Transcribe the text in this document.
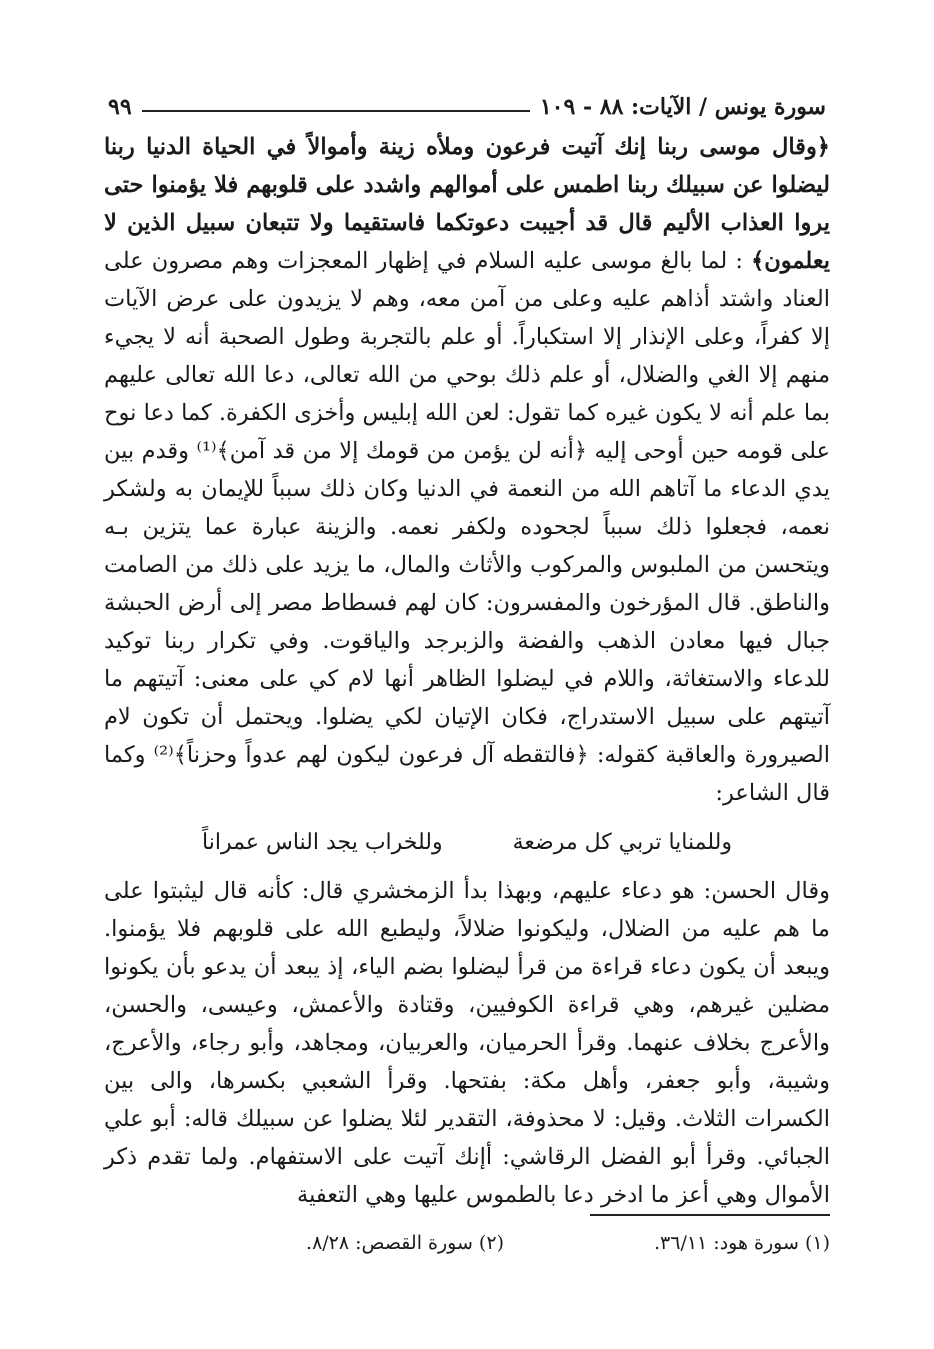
سورة يونس / الآيات: ٨٨ - ١٠٩
٩٩

﴿وقال موسى ربنا إنك آتيت فرعون وملأه زينة وأموالاً في الحياة الدنيا ربنا ليضلوا عن سبيلك ربنا اطمس على أموالهم واشدد على قلوبهم فلا يؤمنوا حتى يروا العذاب الأليم قال قد أجيبت دعوتكما فاستقيما ولا تتبعان سبيل الذين لا يعلمون﴾ : لما بالغ موسى عليه السلام في إظهار المعجزات وهم مصرون على العناد واشتد أذاهم عليه وعلى من آمن معه، وهم لا يزيدون على عرض الآيات إلا كفراً، وعلى الإنذار إلا استكباراً. أو علم بالتجربة وطول الصحبة أنه لا يجيء منهم إلا الغي والضلال، أو علم ذلك بوحي من الله تعالى، دعا الله تعالى عليهم بما علم أنه لا يكون غيره كما تقول: لعن الله إبليس وأخزى الكفرة. كما دعا نوح على قومه حين أوحى إليه ﴿أنه لن يؤمن من قومك إلا من قد آمن﴾⁽¹⁾ وقدم بين يدي الدعاء ما آتاهم الله من النعمة في الدنيا وكان ذلك سبباً للإيمان به ولشكر نعمه، فجعلوا ذلك سبباً لجحوده ولكفر نعمه. والزينة عبارة عما يتزين بـه ويتحسن من الملبوس والمركوب والأثاث والمال، ما يزيد على ذلك من الصامت والناطق. قال المؤرخون والمفسرون: كان لهم فسطاط مصر إلى أرض الحبشة جبال فيها معادن الذهب والفضة والزبرجد والياقوت. وفي تكرار ربنا توكيد للدعاء والاستغاثة، واللام في ليضلوا الظاهر أنها لام كي على معنى: آتيتهم ما آتيتهم على سبيل الاستدراج، فكان الإتيان لكي يضلوا. ويحتمل أن تكون لام الصيرورة والعاقبة كقوله: ﴿فالتقطه آل فرعون ليكون لهم عدواً وحزناً﴾⁽²⁾ وكما قال الشاعر:

وللمنايا تربي كل مرضعة
وللخراب يجد الناس عمراناً

وقال الحسن: هو دعاء عليهم، وبهذا بدأ الزمخشري قال: كأنه قال ليثبتوا على ما هم عليه من الضلال، وليكونوا ضلالاً، وليطبع الله على قلوبهم فلا يؤمنوا. ويبعد أن يكون دعاء قراءة من قرأ ليضلوا بضم الياء، إذ يبعد أن يدعو بأن يكونوا مضلين غيرهم، وهي قراءة الكوفيين، وقتادة والأعمش، وعيسى، والحسن، والأعرج بخلاف عنهما. وقرأ الحرميان، والعربيان، ومجاهد، وأبو رجاء، والأعرج، وشيبة، وأبو جعفر، وأهل مكة: بفتحها. وقرأ الشعبي بكسرها، والى بين الكسرات الثلاث. وقيل: لا محذوفة، التقدير لئلا يضلوا عن سبيلك قاله: أبو علي الجبائي. وقرأ أبو الفضل الرقاشي: أإنك آتيت على الاستفهام. ولما تقدم ذكر الأموال وهي أعز ما ادخر دعا بالطموس عليها وهي التعفية

(١) سورة هود: ٣٦/١١.
(٢) سورة القصص: ٨/٢٨.
